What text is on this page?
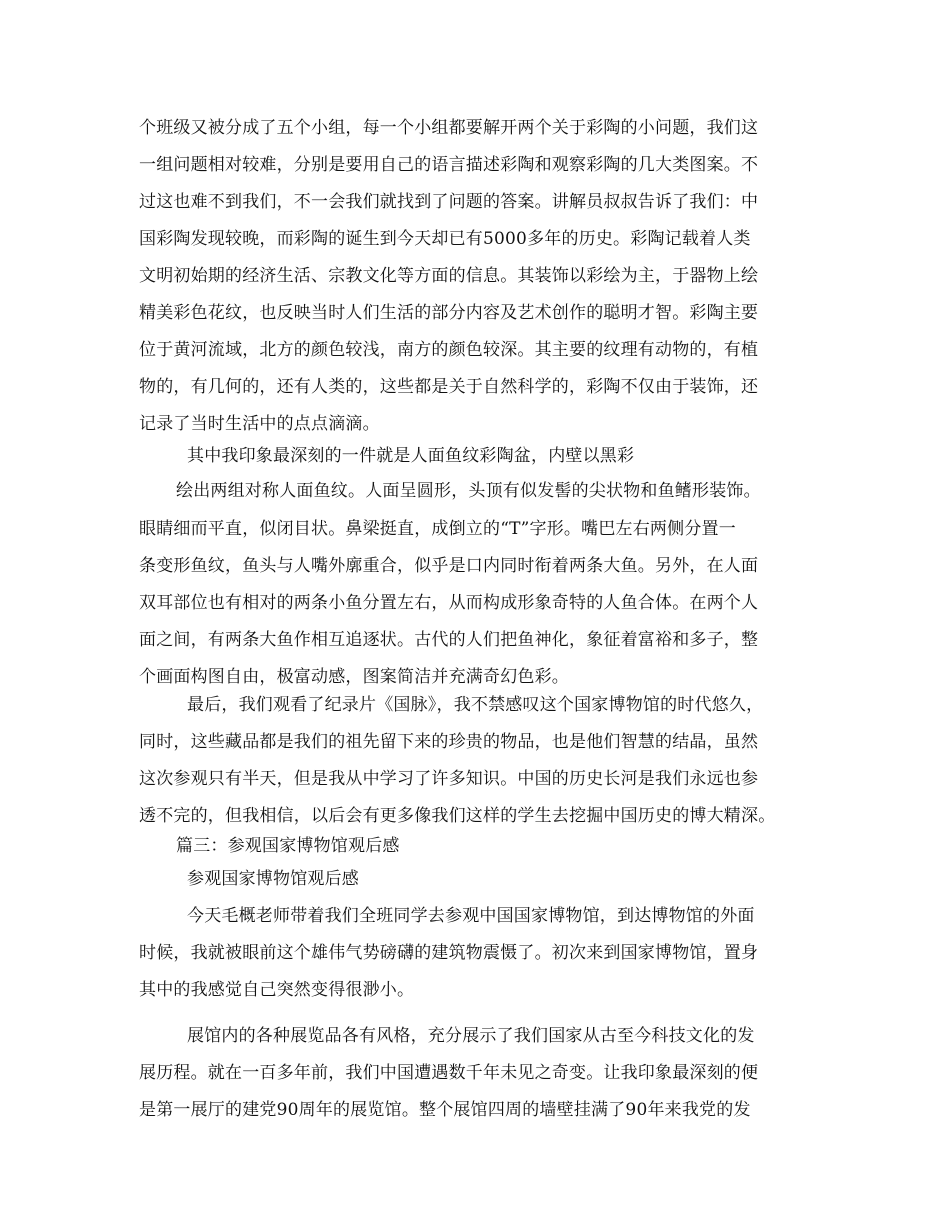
个班级又被分成了五个小组，每一个小组都要解开两个关于彩陶的小问题，我们这
一组问题相对较难，分别是要用自己的语言描述彩陶和观察彩陶的几大类图案。不
过这也难不到我们，不一会我们就找到了问题的答案。讲解员叔叔告诉了我们：中
国彩陶发现较晚，而彩陶的诞生到今天却已有5000多年的历史。彩陶记载着人类
文明初始期的经济生活、宗教文化等方面的信息。其装饰以彩绘为主，于器物上绘
精美彩色花纹，也反映当时人们生活的部分内容及艺术创作的聪明才智。彩陶主要
位于黄河流域，北方的颜色较浅，南方的颜色较深。其主要的纹理有动物的，有植
物的，有几何的，还有人类的，这些都是关于自然科学的，彩陶不仅由于装饰，还
记录了当时生活中的点点滴滴。
其中我印象最深刻的一件就是人面鱼纹彩陶盆，内壁以黑彩
绘出两组对称人面鱼纹。人面呈圆形，头顶有似发髻的尖状物和鱼鳍形装饰。
眼睛细而平直，似闭目状。鼻梁挺直，成倒立的“T”字形。嘴巴左右两侧分置一
条变形鱼纹，鱼头与人嘴外廓重合，似乎是口内同时衔着两条大鱼。另外，在人面
双耳部位也有相对的两条小鱼分置左右，从而构成形象奇特的人鱼合体。在两个人
面之间，有两条大鱼作相互追逐状。古代的人们把鱼神化，象征着富裕和多子，整
个画面构图自由，极富动感，图案简洁并充满奇幻色彩。
最后，我们观看了纪录片《国脉》，我不禁感叹这个国家博物馆的时代悠久，
同时，这些藏品都是我们的祖先留下来的珍贵的物品，也是他们智慧的结晶，虽然
这次参观只有半天，但是我从中学习了许多知识。中国的历史长河是我们永远也参
透不完的，但我相信，以后会有更多像我们这样的学生去挖掘中国历史的博大精深。
篇三：参观国家博物馆观后感
参观国家博物馆观后感
今天毛概老师带着我们全班同学去参观中国国家博物馆，到达博物馆的外面
时候，我就被眼前这个雄伟气势磅礴的建筑物震慑了。初次来到国家博物馆，置身
其中的我感觉自己突然变得很渺小。
展馆内的各种展览品各有风格，充分展示了我们国家从古至今科技文化的发
展历程。就在一百多年前，我们中国遭遇数千年未见之奇变。让我印象最深刻的便
是第一展厅的建党90周年的展览馆。整个展馆四周的墙壁挂满了90年来我党的发
